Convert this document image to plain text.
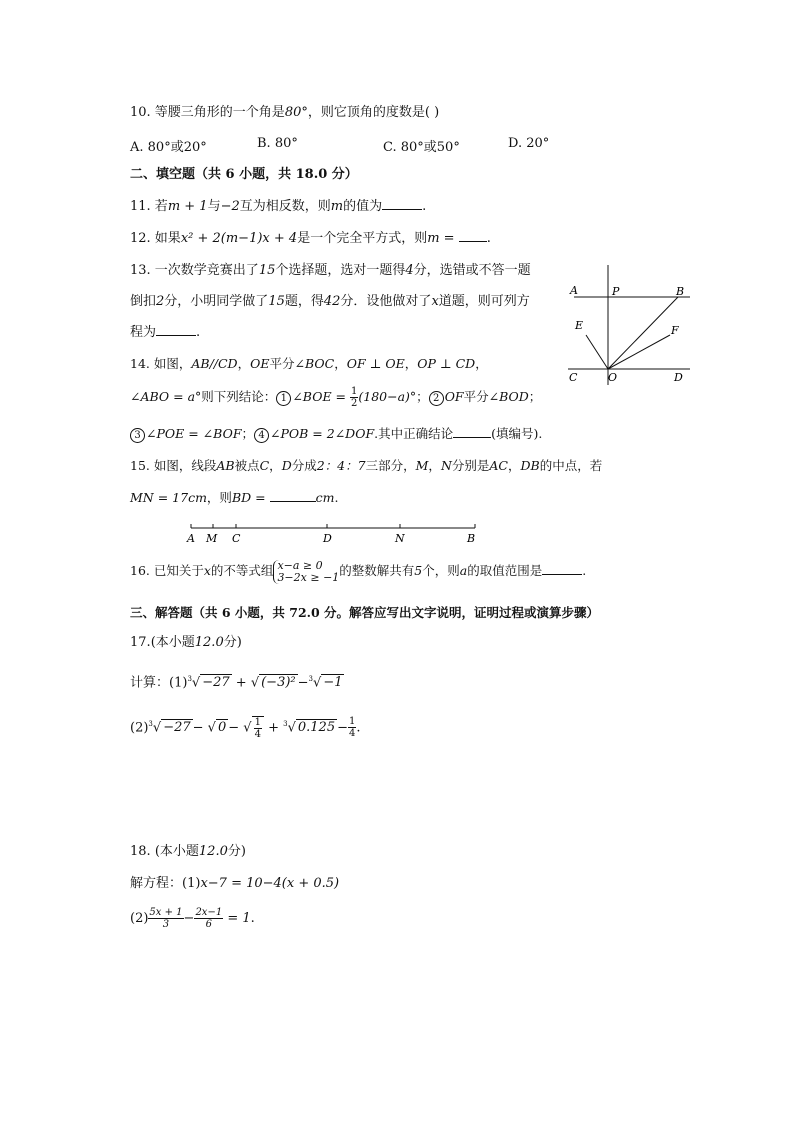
10. 等腰三角形的一个角是80°，则它顶角的度数是( )
A. 80°或20°	B. 80°	C. 80°或50°	D. 20°
二、填空题（共 6 小题，共 18.0 分）
11. 若m + 1与−2互为相反数，则m的值为	.
12. 如果x² + 2(m−1)x + 4是一个完全平方式，则m = .
13. 一次数学竞赛出了15个选择题，选对一题得4分，选错或不答一题
倒扣2分，小明同学做了15题，得42分．设他做对了x道题，则可列方
程为	.
A	P	B
E	F
C	O	D
14. 如图，AB//CD，OE平分∠BOC，OF ⊥ OE，OP ⊥ CD，
∠ABO = a°则下列结论： 1 ∠BOE = $\frac{1}{2} (180-a)^\circ$； 2 OF平分∠BOD；
3 ∠POE = ∠BOF； 4 ∠POB = 2∠DOF.其中正确结论	(填编号).
15. 如图，线段AB被点C，D分成2：4：7三部分，M，N分别是AC，DB的中点，若
MN = 17cm，则BD =	cm.
A M C	D	N	B
16. 已知关于x的不等式组 x−a ≥ 0
3−2x ≥ −1 的整数解共有5个，则a的取值范围是	.
三、解答题（共 6 小题，共 72.0 分。解答应写出文字说明，证明过程或演算步骤）
17.(本小题12.0分)
计算：$(1)^3√ -27$ + √ (−3)² −$^3$√ −1
$(2)^3√ -27$ − √ 0 − √ $\frac{1}{4} + ^3√$ $0.125 - \frac{1}{4}$ .
18. (本小题12.0分)
解方程：(1)x−7 = 10−4(x + 0.5)
$(2) \frac{5x + 1}{3} - \frac{2x-1}{6} = 1$.
